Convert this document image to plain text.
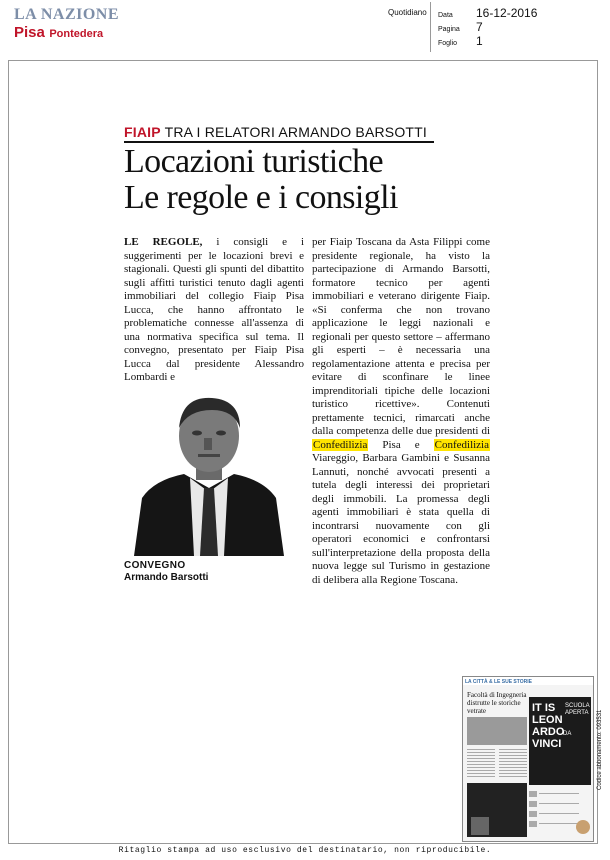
LA NAZIONE
Pisa Pontedera
Quotidiano Data	16-12-2016
Pagina	7
Foglio	1
FIAIP TRA I RELATORI ARMANDO BARSOTTI
Locazioni turistiche
Le regole e i consigli
LE REGOLE, i consigli e i suggerimenti per le locazioni brevi e stagionali. Questi gli spunti del dibattito sugli affitti turistici tenuto dagli agenti immobiliari del collegio Fiaip Pisa Lucca, che hanno affrontato le problematiche connesse all'assenza di una normativa specifica sul tema. Il convegno, presentato per Fiaip Pisa Lucca dal presidente Alessandro Lombardi e
per Fiaip Toscana da Asta Filippi come presidente regionale, ha visto la partecipazione di Armando Barsotti, formatore tecnico per agenti immobiliari e veterano dirigente Fiaip. «Si conferma che non trovano applicazione le leggi nazionali e regionali per questo settore – affermano gli esperti – è necessaria una regolamentazione attenta e precisa per evitare di sconfinare le linee imprenditoriali tipiche delle locazioni turistico ricettive». Contenuti prettamente tecnici, rimarcati anche dalla competenza delle due presidenti di Confedilizia Pisa e Confedilizia Viareggio, Barbara Gambini e Susanna Lannuti, nonché avvocati presenti a tutela degli interessi dei proprietari degli immobili. La promessa degli agenti immobiliari è stata quella di incontrarsi nuovamente con gli operatori economici e confrontarsi sull'interpretazione della proposta della nuova legge sul Turismo in gestazione di delibera alla Regione Toscana.
CONVEGNO
Armando Barsotti
LA CITTÀ & LE SUE STORIE
Facoltà di Ingegneria distrutte le storiche vetrate	IT IS
LEON
ARDO
DA
VINCI
SCUOLA APERTA Codice abbonamento: 093531
Ritaglio stampa ad uso esclusivo del destinatario, non riproducibile.
